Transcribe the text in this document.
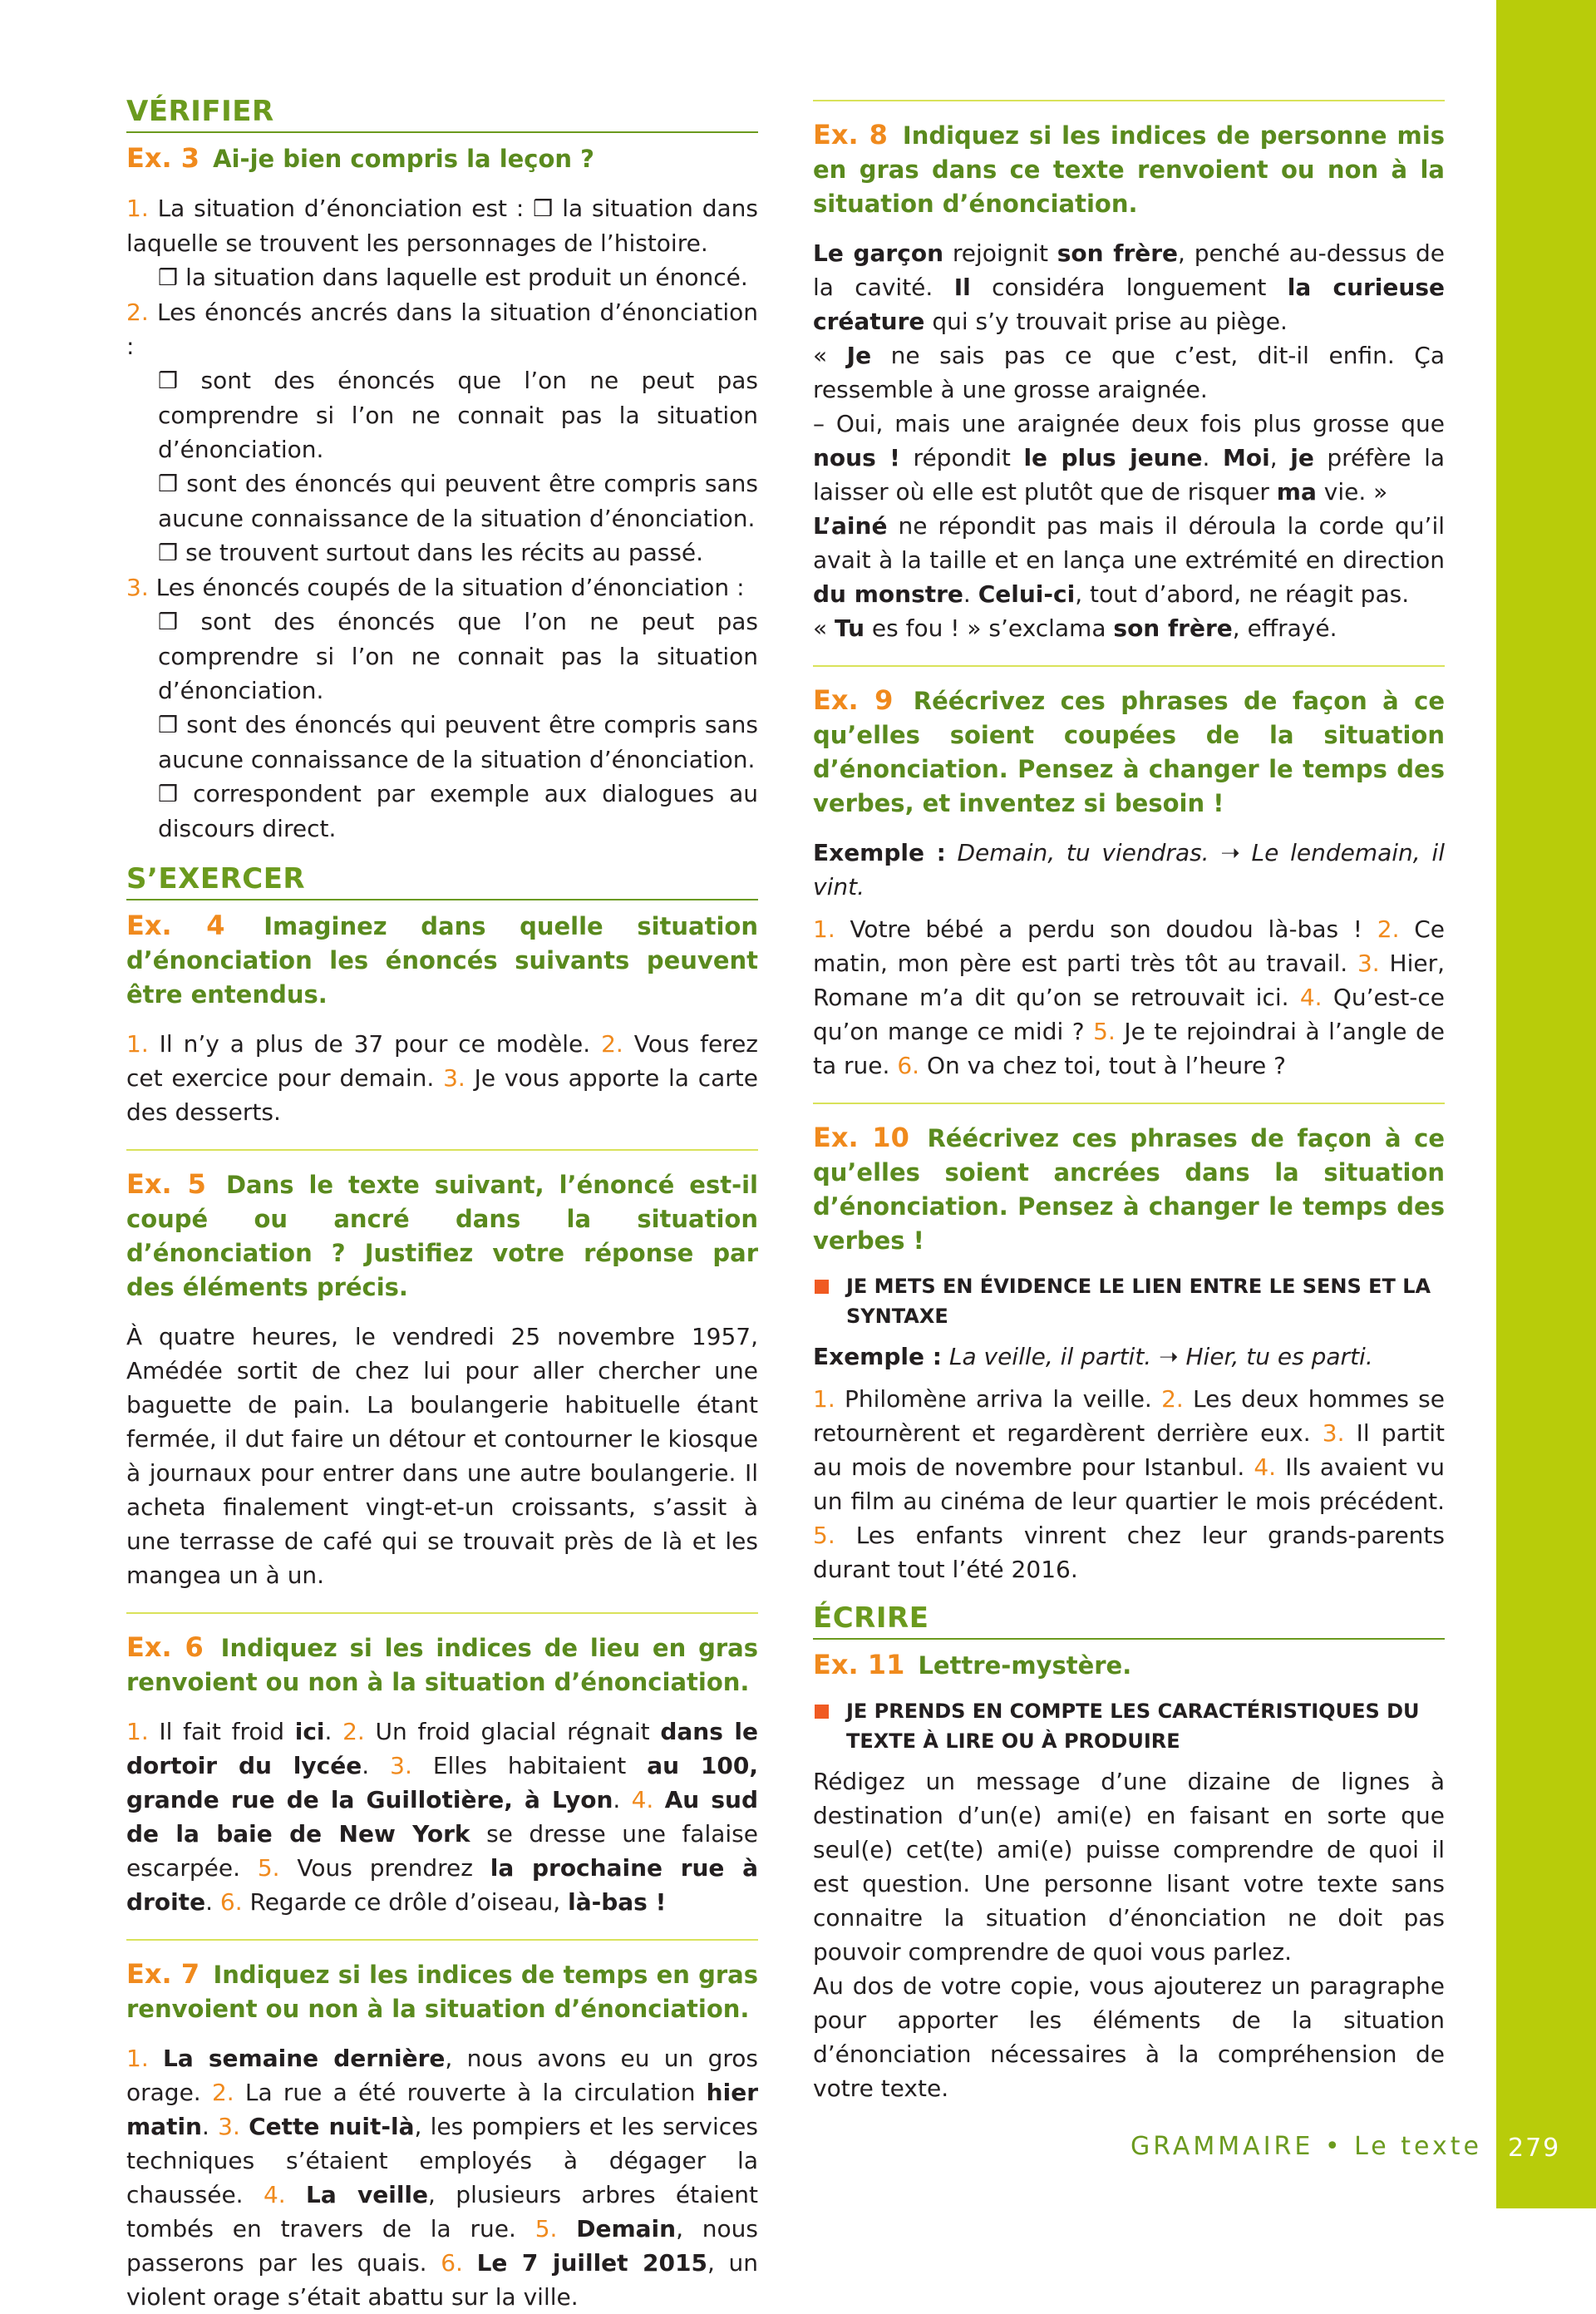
VÉRIFIER
Ex. 3 Ai-je bien compris la leçon ?
1. La situation d’énonciation est : ❒ la situation dans laquelle se trouvent les personnages de l’histoire.
❒ la situation dans laquelle est produit un énoncé.
2. Les énoncés ancrés dans la situation d’énonciation :
❒ sont des énoncés que l’on ne peut pas comprendre si l’on ne connait pas la situation d’énonciation.
❒ sont des énoncés qui peuvent être compris sans aucune connaissance de la situation d’énonciation.
❒ se trouvent surtout dans les récits au passé.
3. Les énoncés coupés de la situation d’énonciation :
❒ sont des énoncés que l’on ne peut pas comprendre si l’on ne connait pas la situation d’énonciation.
❒ sont des énoncés qui peuvent être compris sans aucune connaissance de la situation d’énonciation.
❒ correspondent par exemple aux dialogues au discours direct.
S’EXERCER
Ex. 4 Imaginez dans quelle situation d’énonciation les énoncés suivants peuvent être entendus.

1. Il n’y a plus de 37 pour ce modèle. 2. Vous ferez cet exercice pour demain. 3. Je vous apporte la carte des desserts.

Ex. 5 Dans le texte suivant, l’énoncé est-il coupé ou ancré dans la situation d’énonciation ? Justifiez votre réponse par des éléments précis.

À quatre heures, le vendredi 25 novembre 1957, Amédée sortit de chez lui pour aller chercher une baguette de pain. La boulangerie habituelle étant fermée, il dut faire un détour et contourner le kiosque à journaux pour entrer dans une autre boulangerie. Il acheta finalement vingt-et-un croissants, s’assit à une terrasse de café qui se trouvait près de là et les mangea un à un.

Ex. 6 Indiquez si les indices de lieu en gras renvoient ou non à la situation d’énonciation.

1. Il fait froid ici. 2. Un froid glacial régnait dans le dortoir du lycée. 3. Elles habitaient au 100, grande rue de la Guillotière, à Lyon. 4. Au sud de la baie de New York se dresse une falaise escarpée. 5. Vous prendrez la prochaine rue à droite. 6. Regarde ce drôle d’oiseau, là-bas !

Ex. 7 Indiquez si les indices de temps en gras renvoient ou non à la situation d’énonciation.

1. La semaine dernière, nous avons eu un gros orage. 2. La rue a été rouverte à la circulation hier matin. 3. Cette nuit-là, les pompiers et les services techniques s’étaient employés à dégager la chaussée. 4. La veille, plusieurs arbres étaient tombés en travers de la rue. 5. Demain, nous passerons par les quais. 6. Le 7 juillet 2015, un violent orage s’était abattu sur la ville.

Ex. 8 Indiquez si les indices de personne mis en gras dans ce texte renvoient ou non à la situation d’énonciation.

Le garçon rejoignit son frère, penché au-dessus de la cavité. Il considéra longuement la curieuse créature qui s’y trouvait prise au piège.
« Je ne sais pas ce que c’est, dit-il enfin. Ça ressemble à une grosse araignée.
– Oui, mais une araignée deux fois plus grosse que nous ! répondit le plus jeune. Moi, je préfère la laisser où elle est plutôt que de risquer ma vie. »
L’ainé ne répondit pas mais il déroula la corde qu’il avait à la taille et en lança une extrémité en direction du monstre. Celui-ci, tout d’abord, ne réagit pas.
« Tu es fou ! » s’exclama son frère, effrayé.

Ex. 9 Réécrivez ces phrases de façon à ce qu’elles soient coupées de la situation d’énonciation. Pensez à changer le temps des verbes, et inventez si besoin !

Exemple : Demain, tu viendras. ➝ Le lendemain, il vint.

1. Votre bébé a perdu son doudou là-bas ! 2. Ce matin, mon père est parti très tôt au travail. 3. Hier, Romane m’a dit qu’on se retrouvait ici. 4. Qu’est-ce qu’on mange ce midi ? 5. Je te rejoindrai à l’angle de ta rue. 6. On va chez toi, tout à l’heure ?

Ex. 10 Réécrivez ces phrases de façon à ce qu’elles soient ancrées dans la situation d’énonciation. Pensez à changer le temps des verbes !
JE METS EN ÉVIDENCE LE LIEN ENTRE LE SENS ET LA SYNTAXE

Exemple : La veille, il partit. ➝ Hier, tu es parti.

1. Philomène arriva la veille. 2. Les deux hommes se retournèrent et regardèrent derrière eux. 3. Il partit au mois de novembre pour Istanbul. 4. Ils avaient vu un film au cinéma de leur quartier le mois précédent. 5. Les enfants vinrent chez leur grands-parents durant tout l’été 2016.

ÉCRIRE
Ex. 11 Lettre-mystère.
JE PRENDS EN COMPTE LES CARACTÉRISTIQUES DU TEXTE À LIRE OU À PRODUIRE

Rédigez un message d’une dizaine de lignes à destination d’un(e) ami(e) en faisant en sorte que seul(e) cet(te) ami(e) puisse comprendre de quoi il est question. Une personne lisant votre texte sans connaitre la situation d’énonciation ne doit pas pouvoir comprendre de quoi vous parlez.

Au dos de votre copie, vous ajouterez un paragraphe pour apporter les éléments de la situation d’énonciation nécessaires à la compréhension de votre texte.

GRAMMAIRE • Le texte 279
